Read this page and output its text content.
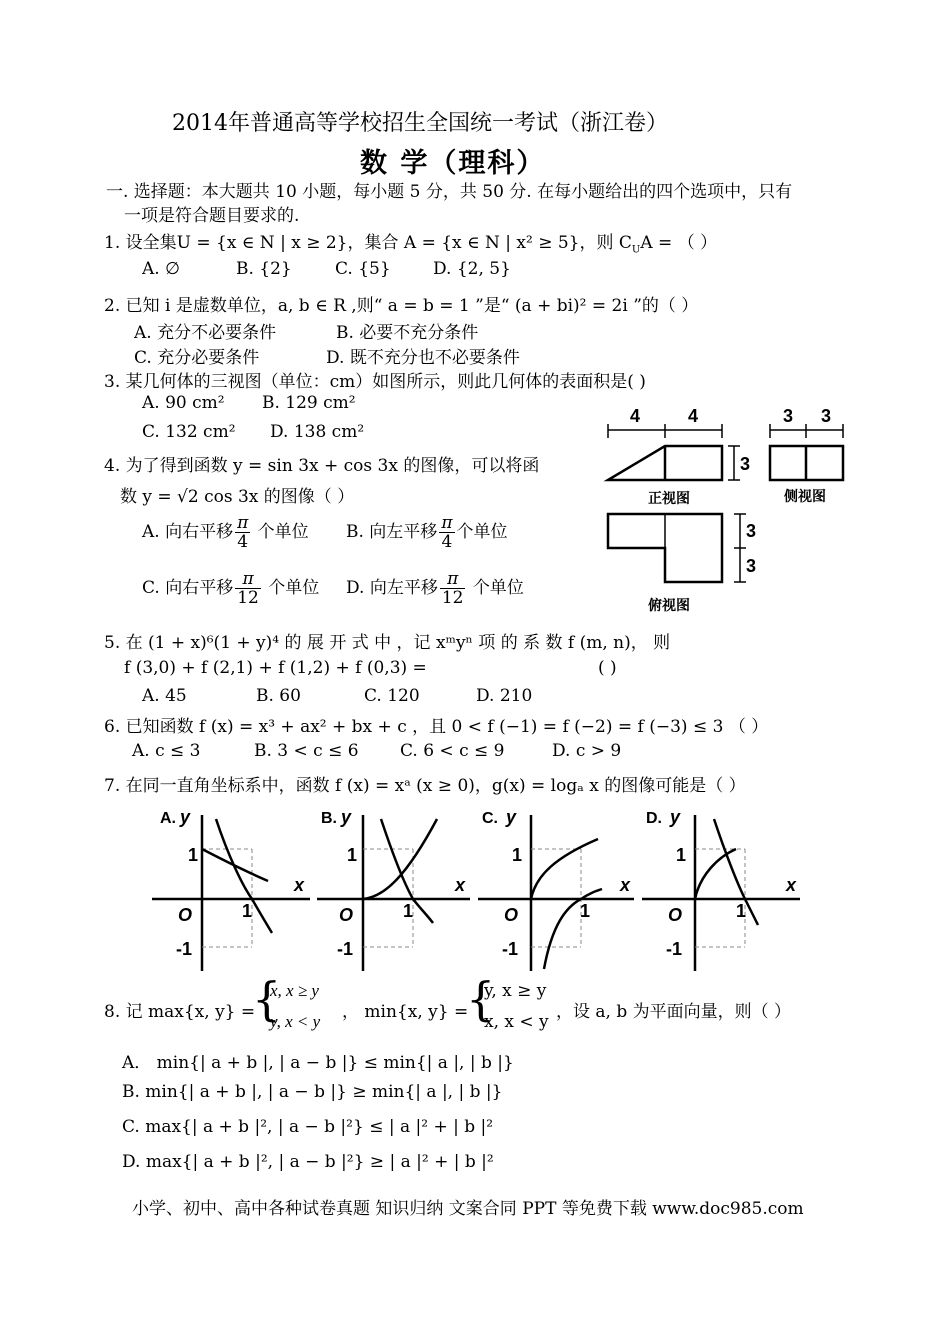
2014年普通高等学校招生全国统一考试（浙江卷）
数 学（理科）
一. 选择题：本大题共 10 小题，每小题 5 分，共 50 分. 在每小题给出的四个选项中，只有
一项是符合题目要求的.
1. 设全集U = {x ∈ N | x ≥ 2}，集合 A = {x ∈ N | x² ≥ 5}，则 $C_UA$ = （ ）
A. ∅	B. {2}	C. {5} D. {2, 5}
2. 已知 i 是虚数单位，a, b ∈ R ,则“ a = b = 1 ”是“ (a + bi)² = 2i ”的（ ）
A. 充分不必要条件	B. 必要不充分条件
C. 充分必要条件	D. 既不充分也不必要条件
3. 某几何体的三视图（单位：cm）如图所示，则此几何体的表面积是( )
A. 90 cm² B. 129 cm²
C. 132 cm² D. 138 cm²
4	4
3
3 3
3
3
正视图	侧视图
俯视图
4. 为了得到函数 y = sin 3x + cos 3x 的图像，可以将函
数 y = √2 cos 3x 的图像（ ）
A. 向右平移 $\frac{\pi}{4}$ 个单位 B. 向左平移 $\frac{\pi}{4}$ 个单位
C. 向右平移 $\frac{\pi}{12}$ 个单位 D. 向左平移 $\frac{\pi}{12}$ 个单位
5. 在 (1 + x)⁶(1 + y)⁴ 的 展 开 式 中 ，记 xᵐyⁿ 项 的 系 数 f (m, n)， 则
f (3,0) + f (2,1) + f (1,2) + f (0,3) =	( )
A. 45	B. 60	C. 120	D. 210
6. 已知函数 f (x) = x³ + ax² + bx + c ，且 0 < f (−1) = f (−2) = f (−3) ≤ 3 （ ）
A. c ≤ 3	B. 3 < c ≤ 6 C. 6 < c ≤ 9	D. c > 9
7. 在同一直角坐标系中，函数 f (x) = xᵃ (x ≥ 0)，g(x) = logₐ x 的图像可能是（ ）
A. y
x
1
O	1
-1
B. y
x
1
O	1
-1
C. y
x
1
O	1
-1
D. y
x
1
O	1
-1
8. 记 max{x, y} =
{
x, x ≥ y
y, x < y ， min{x, y} =
{
y, x ≥ y
x, x < y ，设 a, b 为平面向量，则（ ）
A． min{| a + b |, | a − b |} ≤ min{| a |, | b |}
B. min{| a + b |, | a − b |} ≥ min{| a |, | b |}
C. max{| a + b |², | a − b |²} ≤ | a |² + | b |²
D. max{| a + b |², | a − b |²} ≥ | a |² + | b |²
小学、初中、高中各种试卷真题 知识归纳 文案合同 PPT 等免费下载 www.doc985.com
